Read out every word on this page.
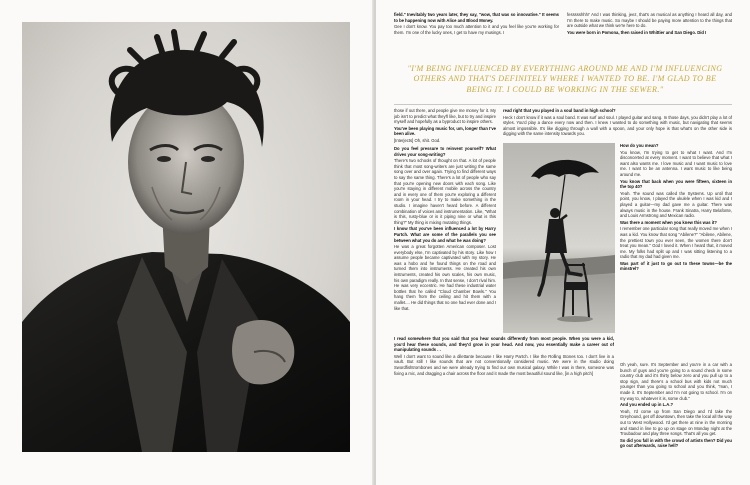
field." Inevitably two years later, they say, "wow, that was so innovative." It seems to be happening now with Alice and Blood Money.

Gee I don't know. You pay too much attention to it and you feel like you're working for them. I'm one of the lucky ones, I get to have my musings. I

fessssshhh!' And I was thinking, jeez, that's as musical as anything I heard all day, and I'm there to make music. So maybe I should be paying more attention to the things that are outside what we think we're here to do.

You were born in Pomona, then raised in Whittier and San Diego. Did I

"I'M BEING INFLUENCED BY EVERYTHING AROUND ME AND I'M INFLUENCING OTHERS AND THAT'S DEFINITELY WHERE I WANTED TO BE. I'M GLAD TO BE BEING IT. I COULD BE WORKING IN THE SEWER."

those if out there, and people give me money for it. My job isn't to predict what they'll like, but to try and inspire myself and hopefully as a byproduct to inspire others.

You've been playing music for, um, longer than I've been alive.

[Interjects] Oh, shit. God.

Do you feel pressure to reinvent yourself? What drives your song-writing?

There's two schools of thought on that. A lot of people think that most song-writers are just writing the same song over and over again. Trying to find different ways to say the same thing. There's a lot of people who say that you're opening new doors with each song. Like you're staying in different mobile across the country and in every one of them you're exploring a different room in your head. I try to make something in the studio. I imagine haven't heard before. A different combination of voices and instrumentation. Like, "What is this, rusty-blue or is it piping nine or what is this thing?" My thing is mixing mutating things.

I know that you've been influenced a lot by Harry Partch. What are some of the parallels you see between what you do and what he was doing?

He was a great forgotten American composer. Lost everybody else, I'm captivated by his story. Like how I assume people became captivated with my story. He was a hobo and he found things on the road and turned them into instruments. He created his own instruments, created his own scales, his own music, his own paradigm really. In that sense, I don't rival him. He was very eccentric. He had these industrial water bottles that he called "Cloud Chamber Bowls." You hang them from the ceiling and hit them with a mallet.... He did things that no one had ever done and I like that.

I read somewhere that you said that you hear sounds differently from most people. When you were a kid, you'd hear these sounds, and they'd grow in your head. And now, you essentially make a career out of manipulating sounds . .

Well I don't want to sound like a dilettante because I like Harry Partch. I like the Rolling Stones too. I don't live in a vault. But still I like sounds that are not conventionally considered music. We were in the studio doing Swordfishtrombones and we were already trying to find our own musical galaxy. While I was in there, someone was fixing a mic, and dragging a chair across the floor and it made the most beautiful sound like, [in a high pitch]

read right that you played in a soul band in high school?

Heck I don't know if it was a soul band. It was surf and soul. I played guitar and sang. In those days, you didn't play a lot of styles. You'd play a dance every now and then. I knew I wanted to do something with music, but navigating that seems almost impossible. It's like digging through a wall with a spoon, and your only hope is that what's on the other side is digging with the same intensity towards you.

How do you mean?

You know, I'm trying to get to what I want. And I'm disconcerted at every moment. I want to believe that what I want also wants me. I love music and I want music to love me. I want to be an antenna. I want music to like being around me.

You know that back when you were fifteen, sixteen in the top 40?

Yeah. The sound was called the Systems. Up until that point, you know, I played the ukulele when I was kid and I played a guitar—my dad gave me a guitar. There was always music in the house. Frank Sinatra, Harry Belafonte, and Louis Armstrong and Mexican radio.

Was there a moment when you knew this was it?

I remember one particular song that really moved me when I was a kid. You know that song "Abilene?" "Abilene, Abilene, the prettiest town you ever seen, the women there don't treat you mean." God I loved it. When I heard that, it moved me. My folks had split up and I was sitting listening to a radio that my dad had given me.

Was part of it just to go out to these towns—be the minstrel?

Oh yeah, sure. It's September and you're in a car with a bunch of guys and you're going to a sound check in some country club and it's thirty below zero and you pull up to a stop sign, and there's a school bus with kids not much younger than you going to school and you think, "man, I made it. It's September and I'm not going to school. I'm on my way to, whatever it is, some club."

And you ended up in L.A.?

Yeah, I'd come up from San Diego and I'd take the Greyhound, get off downtown, then take the local all the way out to West Hollywood. I'd get there at nine in the morning and stand in line to go up on stage on Monday night at the Troubadour and play three songs. That's all you get.

So did you fall in with the crowd of artists then? Did you go out afterwards, raise hell?
